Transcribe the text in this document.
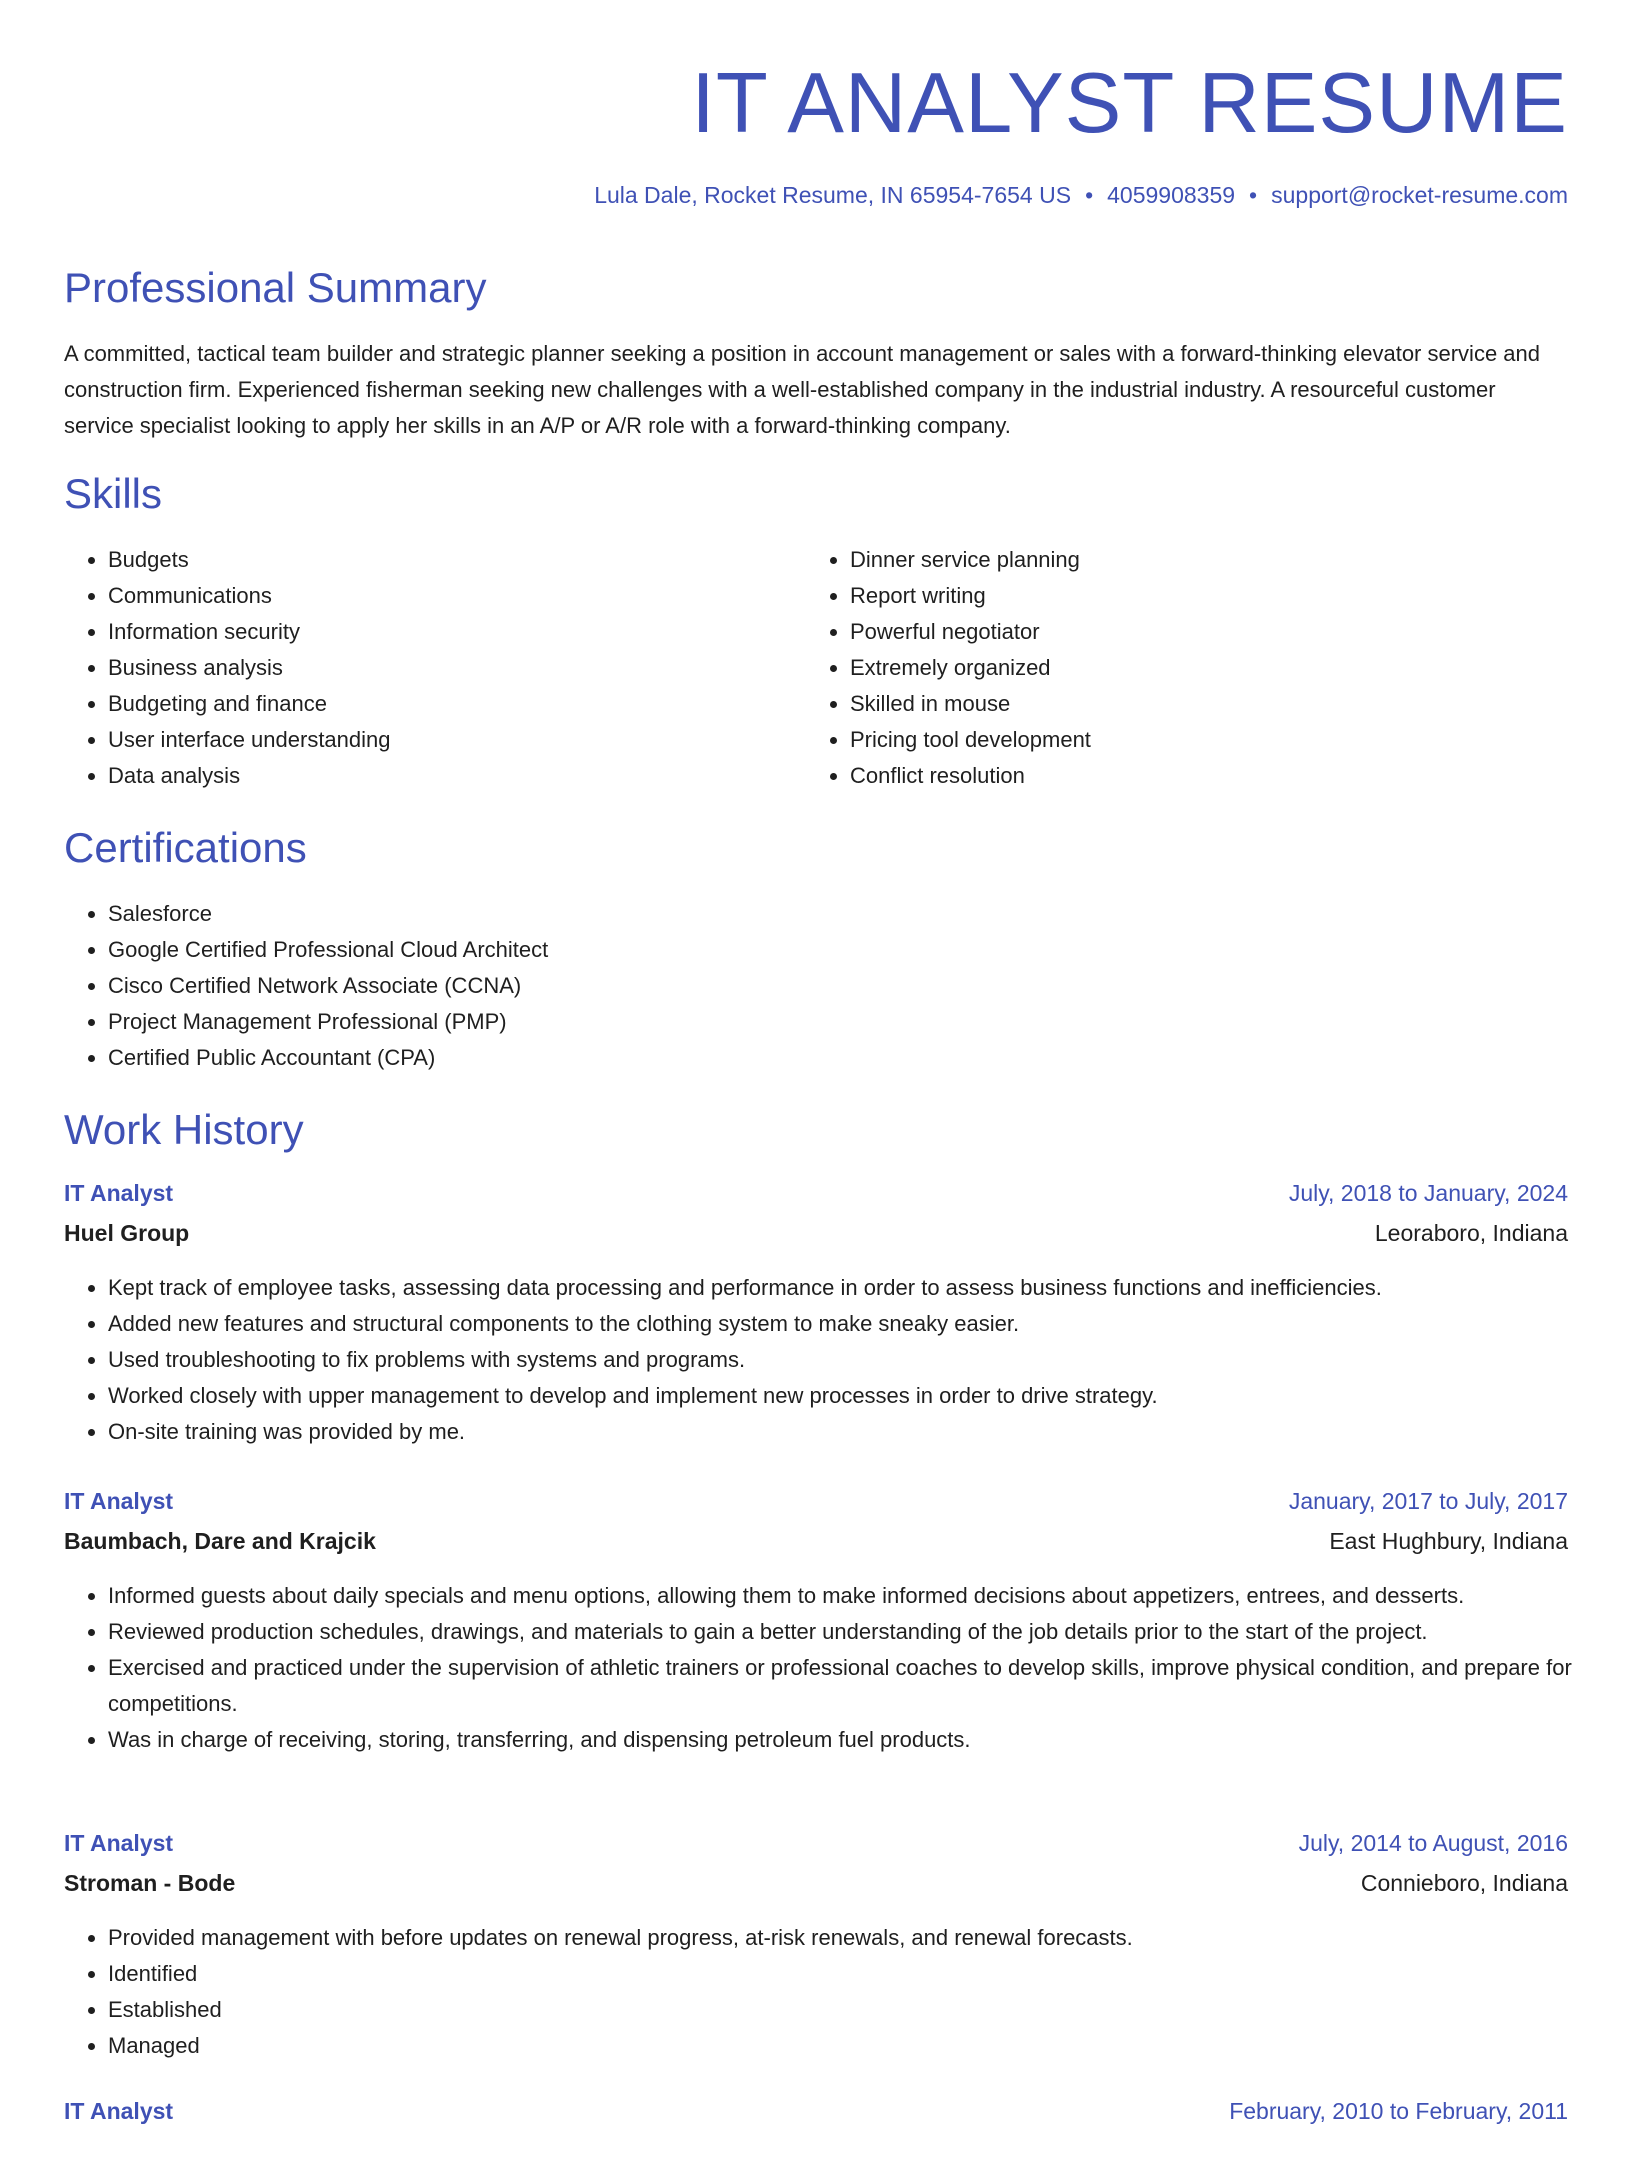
IT ANALYST RESUME
Lula Dale, Rocket Resume, IN 65954-7654 US • 4059908359 • support@rocket-resume.com
Professional Summary

A committed, tactical team builder and strategic planner seeking a position in account management or sales with a forward-thinking elevator service and construction firm. Experienced fisherman seeking new challenges with a well-established company in the industrial industry. A resourceful customer service specialist looking to apply her skills in an A/P or A/R role with a forward-thinking company.

Skills
• Budgets
• Communications
• Information security
• Business analysis
• Budgeting and finance
• User interface understanding
• Data analysis
• Dinner service planning
• Report writing
• Powerful negotiator
• Extremely organized
• Skilled in mouse
• Pricing tool development
• Conflict resolution
Certifications
• Salesforce
• Google Certified Professional Cloud Architect
• Cisco Certified Network Associate (CCNA)
• Project Management Professional (PMP)
• Certified Public Accountant (CPA)
Work History
IT Analyst	July, 2018 to January, 2024
Huel Group	Leoraboro, Indiana
• Kept track of employee tasks, assessing data processing and performance in order to assess business functions and inefficiencies.
• Added new features and structural components to the clothing system to make sneaky easier.
• Used troubleshooting to fix problems with systems and programs.
• Worked closely with upper management to develop and implement new processes in order to drive strategy.
• On-site training was provided by me.
IT Analyst	January, 2017 to July, 2017
Baumbach, Dare and Krajcik	East Hughbury, Indiana
• Informed guests about daily specials and menu options, allowing them to make informed decisions about appetizers, entrees, and desserts.
• Reviewed production schedules, drawings, and materials to gain a better understanding of the job details prior to the start of the project.
• Exercised and practiced under the supervision of athletic trainers or professional coaches to develop skills, improve physical condition, and prepare for competitions.
• Was in charge of receiving, storing, transferring, and dispensing petroleum fuel products.
IT Analyst	July, 2014 to August, 2016
Stroman - Bode	Connieboro, Indiana
• Provided management with before updates on renewal progress, at-risk renewals, and renewal forecasts.
• Identified
• Established
• Managed
IT Analyst	February, 2010 to February, 2011
